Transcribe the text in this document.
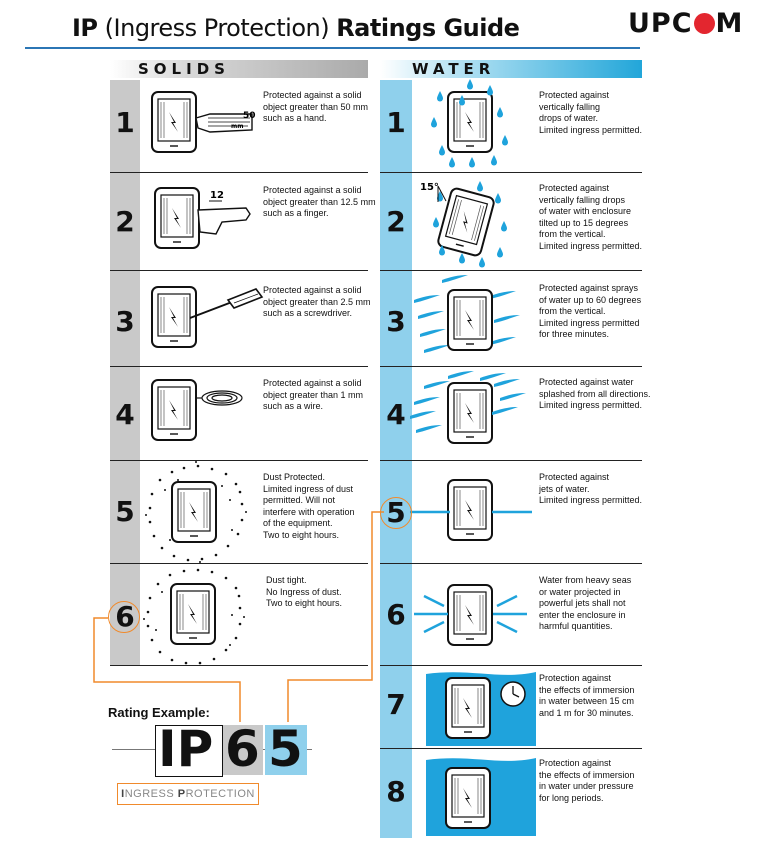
IP (Ingress Protection) Ratings Guide	UPC M
SOLIDS	WATER
50
mm
12
15°
1
Protected against a solid
object greater than 50 mm
such as a hand.
2
Protected against a solid
object greater than 12.5 mm
such as a finger.
3
Protected against a solid
object greater than 2.5 mm
such as a screwdriver.
4
Protected against a solid
object greater than 1 mm
such as a wire.
5
Dust Protected.
Limited ingress of dust
permitted. Will not
interfere with operation
of the equipment.
Two to eight hours.
6
Dust tight.
No Ingress of dust.
Two to eight hours.
1
Protected against
vertically falling
drops of water.
Limited ingress permitted.
2
Protected against
vertically falling drops
of water with enclosure
tilted up to 15 degrees
from the vertical.
Limited ingress permitted.
3
Protected against sprays
of water up to 60 degrees
from the vertical.
Limited ingress permitted
for three minutes.
4
Protected against water
splashed from all directions.
Limited ingress permitted.
5
Protected against
jets of water.
Limited ingress permitted.
6
Water from heavy seas
or water projected in
powerful jets shall not
enter the enclosure in
harmful quantities.
7
Protection against
the effects of immersion
in water between 15 cm
and 1 m for 30 minutes.
8
Protection against
the effects of immersion
in water under pressure
for long periods.
Rating Example:
IP 6 5
INGRESS PROTECTION
